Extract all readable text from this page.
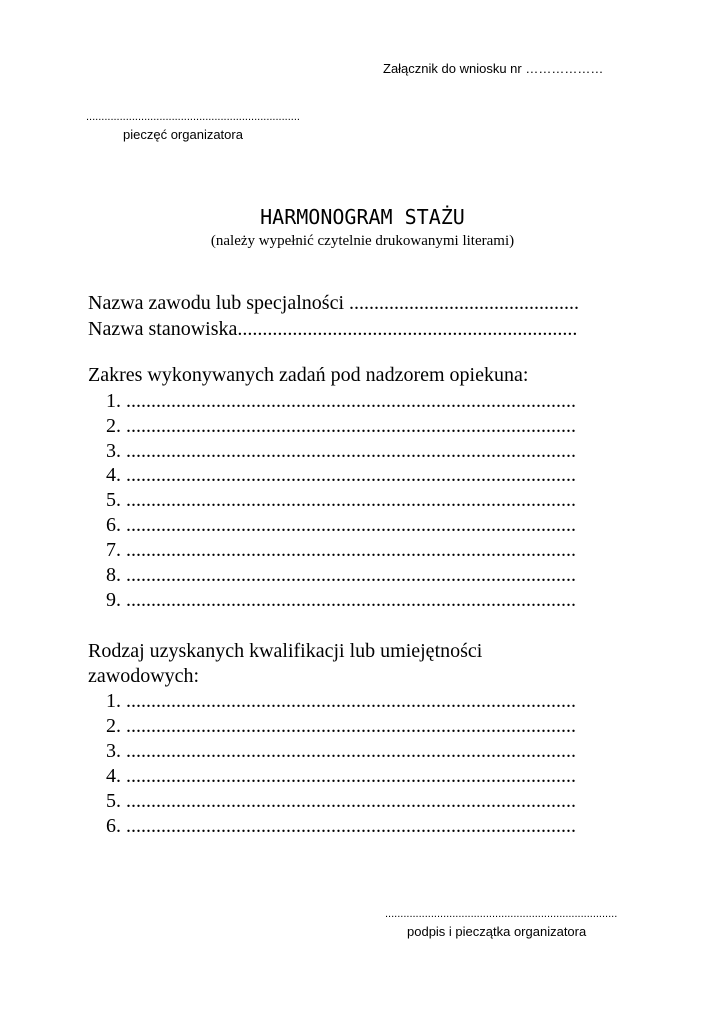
Załącznik do wniosku nr ………………
......................................................................
pieczęć organizatora
HARMONOGRAM STAŻU
(należy wypełnić czytelnie drukowanymi literami)
Nazwa zawodu lub specjalności ..............................................
Nazwa stanowiska....................................................................
Zakres wykonywanych zadań pod nadzorem opiekuna:
1. ..........................................................................................
2. ..........................................................................................
3. ..........................................................................................
4. ..........................................................................................
5. ..........................................................................................
6. ..........................................................................................
7. ..........................................................................................
8. ..........................................................................................
9. ..........................................................................................
Rodzaj uzyskanych kwalifikacji lub umiejętności
zawodowych:
1. ..........................................................................................
2. ..........................................................................................
3. ..........................................................................................
4. ..........................................................................................
5. ..........................................................................................
6. ..........................................................................................
............................................................................
podpis i pieczątka organizatora
